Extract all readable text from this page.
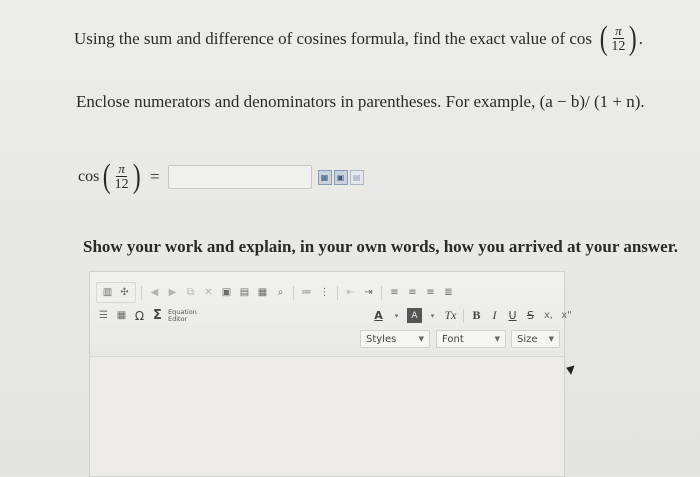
Using the sum and difference of cosines formula, find the exact value of cos ( $\frac{\pi}{12}$ ) .
Enclose numerators and denominators in parentheses. For example, (a − b)/ (1 + n).
cos ( $\frac{\pi}{12}$ ) =	▦	▣	▤
Show your work and explain, in your own words, how you arrived at your answer.
▥ ✣	◀	▶	⧉	✕ ▣ ▤ ▦	⌕	≔ ⋮	⇤ ⇥	≡ ≡ ≡ ≣
☰ ▦ Ω Σ Equation Editor	A	▾	A	▾ Tx B	I	U S x, x"
Styles	▼ Font	▼ Size ▼
